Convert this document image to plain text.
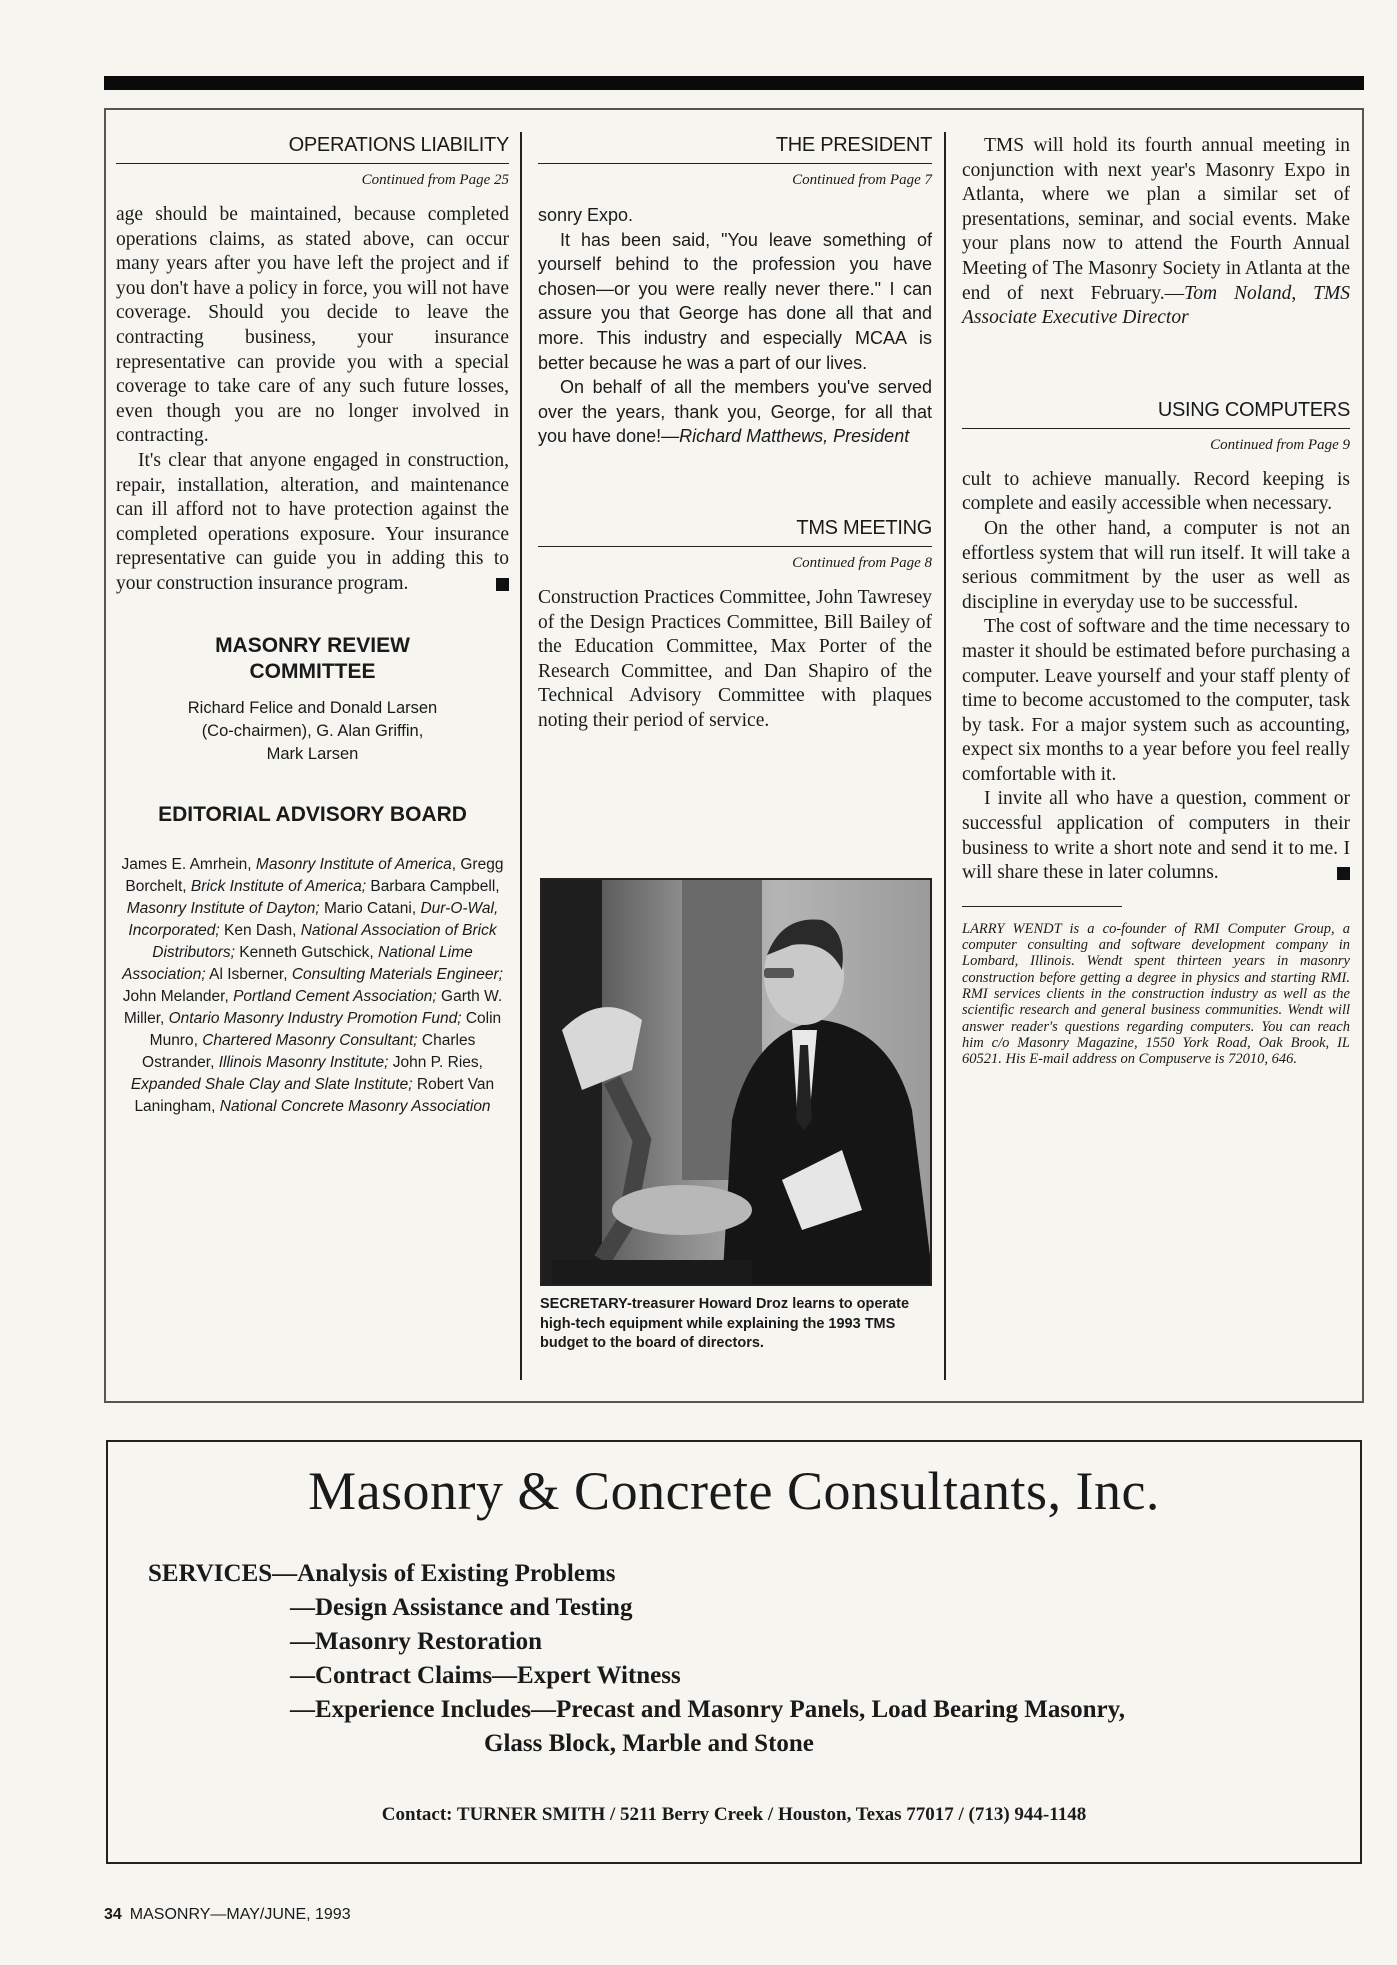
OPERATIONS LIABILITY
Continued from Page 25

age should be maintained, because completed operations claims, as stated above, can occur many years after you have left the project and if you don't have a policy in force, you will not have coverage. Should you decide to leave the contracting business, your insurance representative can provide you with a special coverage to take care of any such future losses, even though you are no longer involved in contracting.

It's clear that anyone engaged in construction, repair, installation, alteration, and maintenance can ill afford not to have protection against the completed operations exposure. Your insurance representative can guide you in adding this to your construction insurance program.

MASONRY REVIEW COMMITTEE

Richard Felice and Donald Larsen (Co-chairmen), G. Alan Griffin, Mark Larsen

EDITORIAL ADVISORY BOARD

James E. Amrhein, Masonry Institute of America, Gregg Borchelt, Brick Institute of America; Barbara Campbell, Masonry Institute of Dayton; Mario Catani, Dur-O-Wal, Incorporated; Ken Dash, National Association of Brick Distributors; Kenneth Gutschick, National Lime Association; Al Isberner, Consulting Materials Engineer; John Melander, Portland Cement Association; Garth W. Miller, Ontario Masonry Industry Promotion Fund; Colin Munro, Chartered Masonry Consultant; Charles Ostrander, Illinois Masonry Institute; John P. Ries, Expanded Shale Clay and Slate Institute; Robert Van Laningham, National Concrete Masonry Association

THE PRESIDENT
Continued from Page 7

sonry Expo.

It has been said, "You leave something of yourself behind to the profession you have chosen—or you were really never there." I can assure you that George has done all that and more. This industry and especially MCAA is better because he was a part of our lives.

On behalf of all the members you've served over the years, thank you, George, for all that you have done!—Richard Matthews, President

TMS MEETING
Continued from Page 8

Construction Practices Committee, John Tawresey of the Design Practices Committee, Bill Bailey of the Education Committee, Max Porter of the Research Committee, and Dan Shapiro of the Technical Advisory Committee with plaques noting their period of service.

SECRETARY-treasurer Howard Droz learns to operate high-tech equipment while explaining the 1993 TMS budget to the board of directors.

TMS will hold its fourth annual meeting in conjunction with next year's Masonry Expo in Atlanta, where we plan a similar set of presentations, seminar, and social events. Make your plans now to attend the Fourth Annual Meeting of The Masonry Society in Atlanta at the end of next February.—Tom Noland, TMS Associate Executive Director

USING COMPUTERS
Continued from Page 9

cult to achieve manually. Record keeping is complete and easily accessible when necessary.

On the other hand, a computer is not an effortless system that will run itself. It will take a serious commitment by the user as well as discipline in everyday use to be successful.

The cost of software and the time necessary to master it should be estimated before purchasing a computer. Leave yourself and your staff plenty of time to become accustomed to the computer, task by task. For a major system such as accounting, expect six months to a year before you feel really comfortable with it.

I invite all who have a question, comment or successful application of computers in their business to write a short note and send it to me. I will share these in later columns.

LARRY WENDT is a co-founder of RMI Computer Group, a computer consulting and software development company in Lombard, Illinois. Wendt spent thirteen years in masonry construction before getting a degree in physics and starting RMI. RMI services clients in the construction industry as well as the scientific research and general business communities. Wendt will answer reader's questions regarding computers. You can reach him c/o Masonry Magazine, 1550 York Road, Oak Brook, IL 60521. His E-mail address on Compuserve is 72010, 646.

Masonry & Concrete Consultants, Inc.
SERVICES—Analysis of Existing Problems
—Design Assistance and Testing
—Masonry Restoration
—Contract Claims—Expert Witness
—Experience Includes—Precast and Masonry Panels, Load Bearing Masonry,
Glass Block, Marble and Stone
Contact: TURNER SMITH / 5211 Berry Creek / Houston, Texas 77017 / (713) 944-1148
34 MASONRY—MAY/JUNE, 1993
